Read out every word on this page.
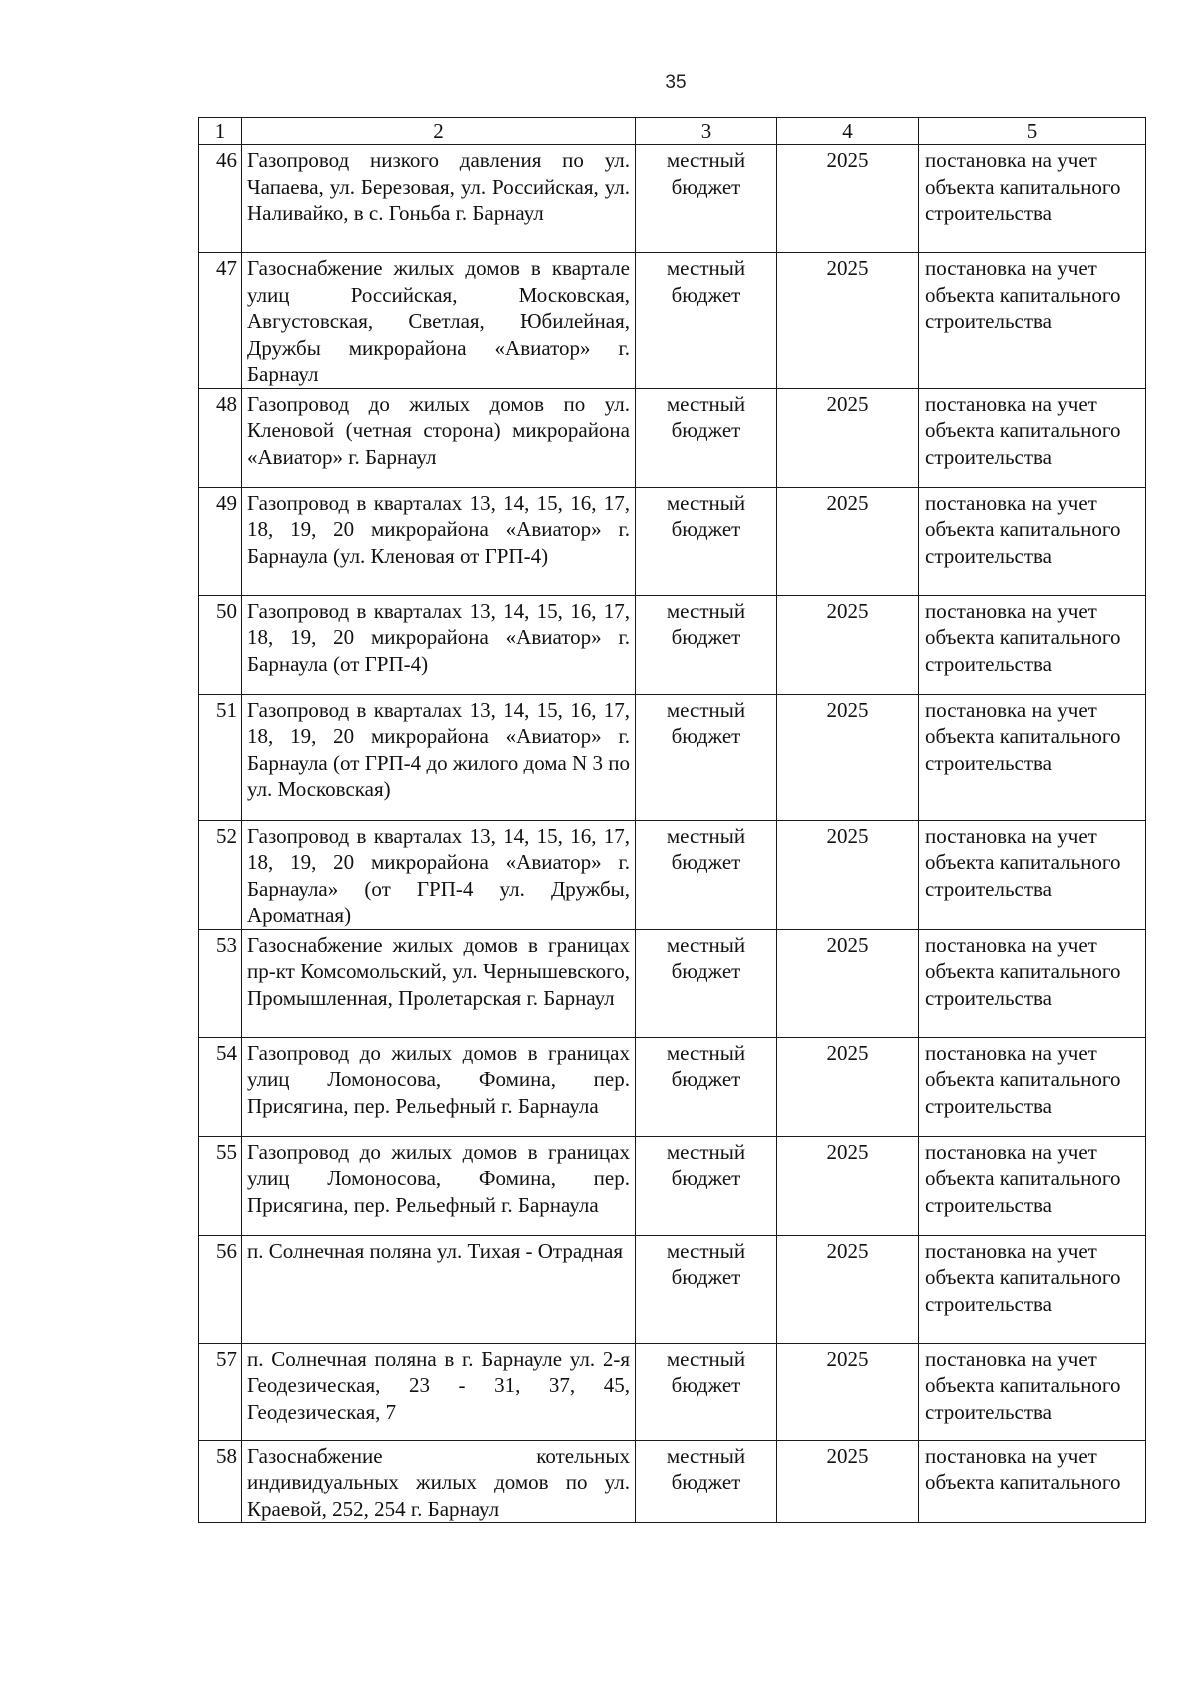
35
1	2	3	4	5
46	Газопровод низкого давления по ул. Чапаева, ул. Березовая, ул. Российская, ул. Наливайко, в с. Гоньба г. Барнаул	местный бюджет	2025	постановка на учет объекта капитального строительства
47	Газоснабжение жилых домов в квартале улиц Российская, Московская, Августовская, Светлая, Юбилейная, Дружбы микрорайона «Авиатор» г. Барнаул	местный бюджет	2025	постановка на учет объекта капитального строительства
48	Газопровод до жилых домов по ул. Кленовой (четная сторона) микрорайона «Авиатор» г. Барнаул	местный бюджет	2025	постановка на учет объекта капитального строительства
49	Газопровод в кварталах 13, 14, 15, 16, 17, 18, 19, 20 микрорайона «Авиатор» г. Барнаула (ул. Кленовая от ГРП-4)	местный бюджет	2025	постановка на учет объекта капитального строительства
50	Газопровод в кварталах 13, 14, 15, 16, 17, 18, 19, 20 микрорайона «Авиатор» г. Барнаула (от ГРП-4)	местный бюджет	2025	постановка на учет объекта капитального строительства
51	Газопровод в кварталах 13, 14, 15, 16, 17, 18, 19, 20 микрорайона «Авиатор» г. Барнаула (от ГРП-4 до жилого дома N 3 по ул. Московская)	местный бюджет	2025	постановка на учет объекта капитального строительства
52	Газопровод в кварталах 13, 14, 15, 16, 17, 18, 19, 20 микрорайона «Авиатор» г. Барнаула» (от ГРП-4 ул. Дружбы, Ароматная)	местный бюджет	2025	постановка на учет объекта капитального строительства
53	Газоснабжение жилых домов в границах пр-кт Комсомольский, ул. Чернышевского, Промышленная, Пролетарская г. Барнаул	местный бюджет	2025	постановка на учет объекта капитального строительства
54	Газопровод до жилых домов в границах улиц Ломоносова, Фомина, пер. Присягина, пер. Рельефный г. Барнаула	местный бюджет	2025	постановка на учет объекта капитального строительства
55	Газопровод до жилых домов в границах улиц Ломоносова, Фомина, пер. Присягина, пер. Рельефный г. Барнаула	местный бюджет	2025	постановка на учет объекта капитального строительства
56	п. Солнечная поляна ул. Тихая - Отрадная	местный бюджет	2025	постановка на учет объекта капитального строительства
57	п. Солнечная поляна в г. Барнауле ул. 2-я Геодезическая, 23 - 31, 37, 45, Геодезическая, 7	местный бюджет	2025	постановка на учет объекта капитального строительства
58	Газоснабжение котельных индивидуальных жилых домов по ул. Краевой, 252, 254 г. Барнаул	местный бюджет	2025	постановка на учет объекта капитального
